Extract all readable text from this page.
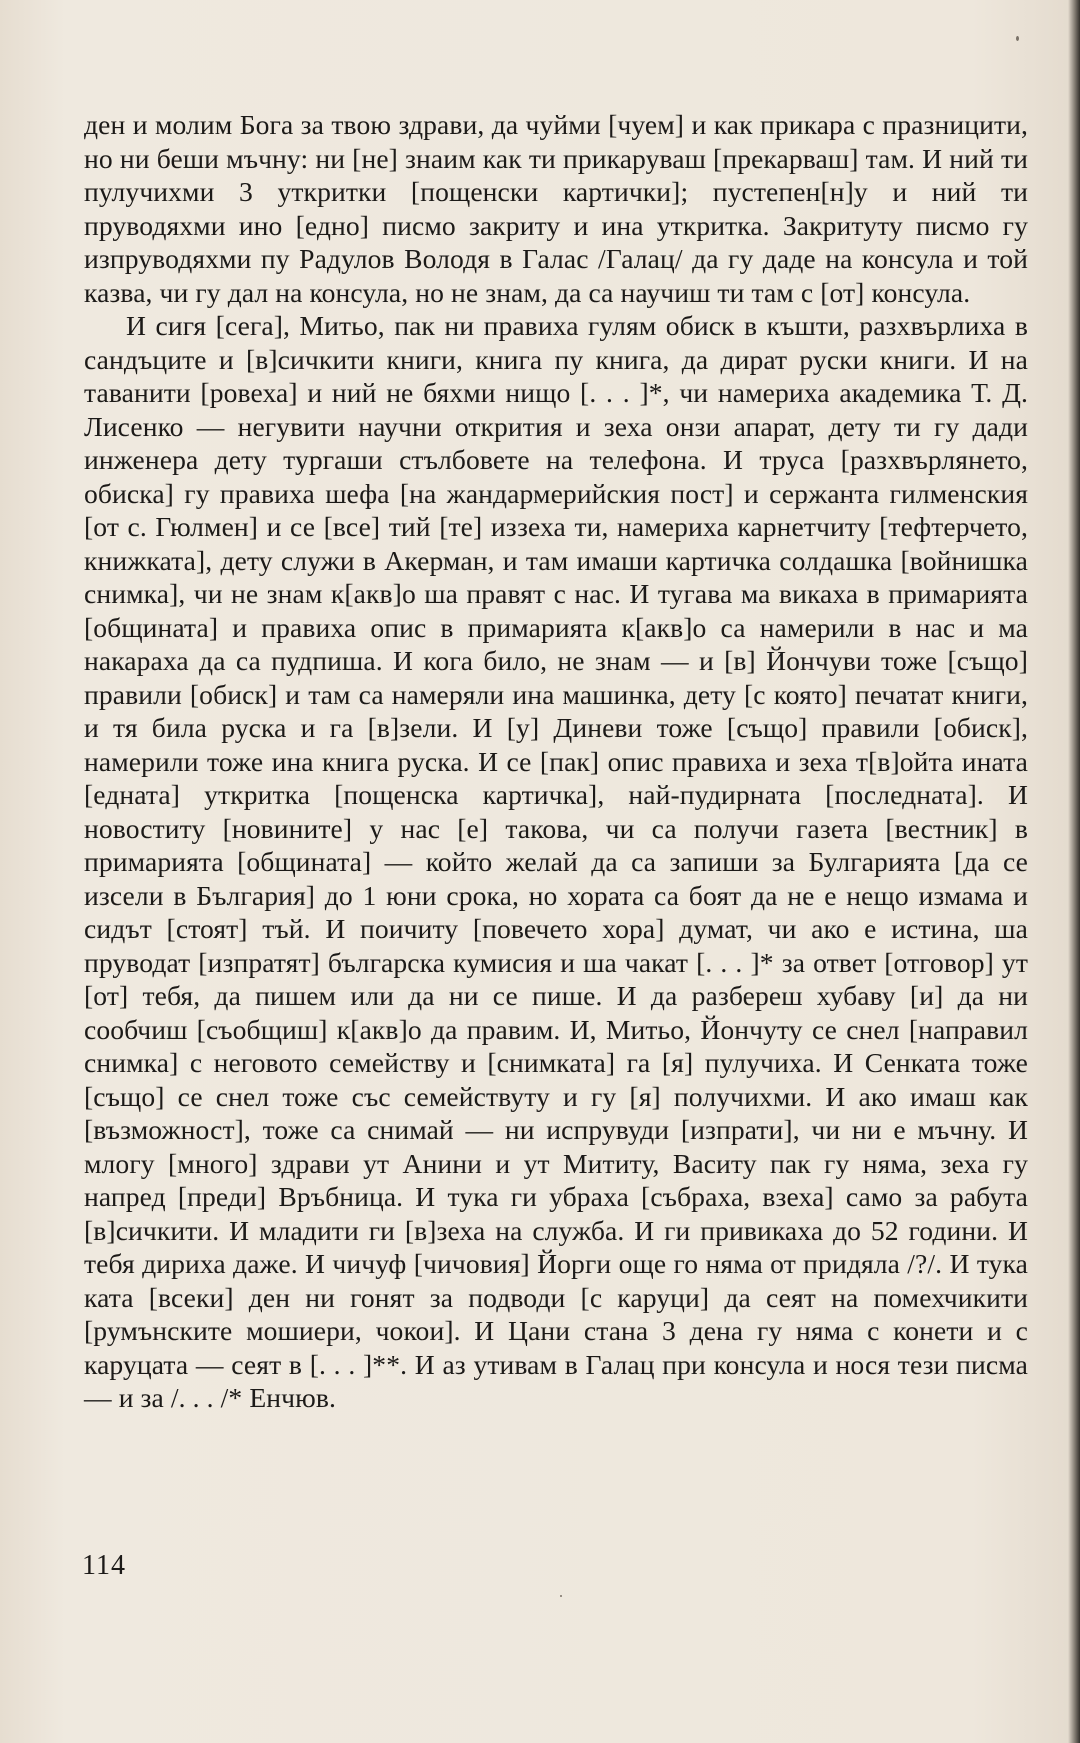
ден и молим Бога за твою здрави, да чуйми [чуем] и как прикара с празницити, но ни беши мъчну: ни [не] знаим как ти прикаруваш [прекарваш] там. И ний ти пулучихми 3 уткритки [пощенски картички]; пустепен[н]у и ний ти пруводяхми ино [едно] писмо закриту и ина уткритка. Закритуту писмо гу изпруводяхми пу Радулов Володя в Галас /Галац/ да гу даде на консула и той казва, чи гу дал на консула, но не знам, да са научиш ти там с [от] консула.

И сигя [сега], Митьо, пак ни правиха гулям обиск в къшти, разхвърлиха в сандъците и [в]сичкити книги, книга пу книга, да дират руски книги. И на таванити [ровеха] и ний не бяхми нищо [. . . ]*, чи намериха академика Т. Д. Лисенко — негувити научни открития и зеха онзи апарат, дету ти гу дади инженера дету тургаши стълбовете на телефона. И труса [разхвърлянето, обиска] гу правиха шефа [на жандармерийския пост] и сержанта гилменския [от с. Гюлмен] и се [все] тий [те] иззеха ти, намериха карнетчиту [тефтерчето, книжката], дету служи в Акерман, и там имаши картичка солдашка [войнишка снимка], чи не знам к[акв]о ша правят с нас. И тугава ма викаха в примарията [общината] и правиха опис в примарията к[акв]о са намерили в нас и ма накараха да са пудпиша. И кога било, не знам — и [в] Йончуви тоже [също] правили [обиск] и там са намеряли ина машинка, дету [с която] печатат книги, и тя била руска и га [в]зели. И [у] Диневи тоже [също] правили [обиск], намерили тоже ина книга руска. И се [пак] опис правиха и зеха т[в]ойта ината [едната] уткритка [пощенска картичка], най-пудирната [последната]. И новоститу [новините] у нас [е] такова, чи са получи газета [вестник] в примарията [общината] — който желай да са запиши за Булгарията [да се изсели в България] до 1 юни срока, но хората са боят да не е нещо измама и сидът [стоят] тъй. И поичиту [повечето хора] думат, чи ако е истина, ша пруводат [изпратят] българска кумисия и ша чакат [. . . ]* за ответ [отговор] ут [от] тебя, да пишем или да ни се пише. И да разбереш хубаву [и] да ни сообчиш [съобщиш] к[акв]о да правим. И, Митьо, Йончуту се снел [направил снимка] с неговото семейству и [снимката] га [я] пулучиха. И Сенката тоже [също] се снел тоже със семействуту и гу [я] получихми. И ако имаш как [възможност], тоже са снимай — ни испрувуди [изпрати], чи ни е мъчну. И млогу [много] здрави ут Анини и ут Мититу, Васиту пак гу няма, зеха гу напред [преди] Връбница. И тука ги убраха [събраха, взеха] само за рабута [в]сичкити. И младити ги [в]зеха на служба. И ги привикаха до 52 години. И тебя дириха даже. И чичуф [чичовия] Йорги още го няма от придяла /?/. И тука ката [всеки] ден ни гонят за подводи [с каруци] да сеят на помехчикити [румънските мошиери, чокои]. И Цани стана 3 дена гу няма с конети и с каруцата — сеят в [. . . ]**. И аз утивам в Галац при консула и нося тези писма — и за /. . . /* Енчюв.

114
